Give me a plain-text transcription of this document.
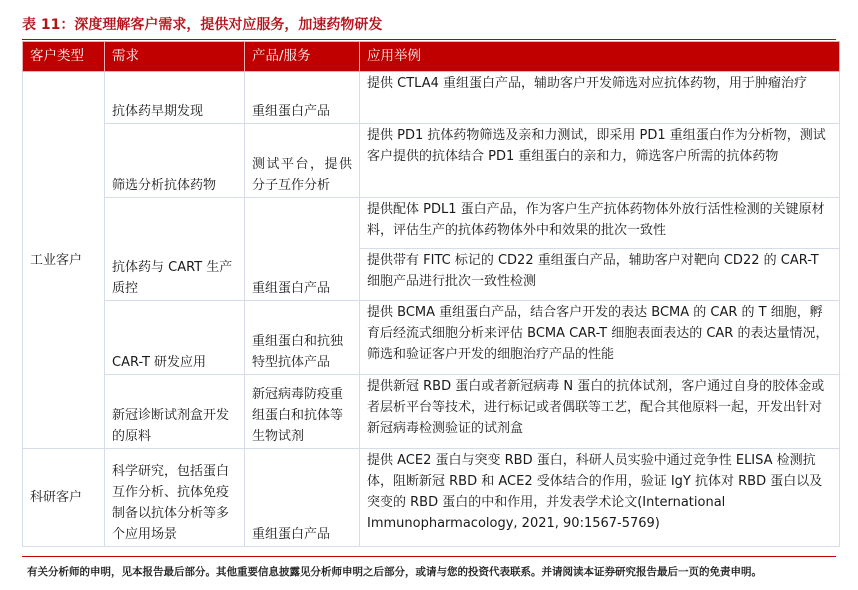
表 11：深度理解客户需求，提供对应服务，加速药物研发
客户类型	需求	产品/服务	应用举例
工业客户	抗体药早期发现	重组蛋白产品	提供 CTLA4 重组蛋白产品，辅助客户开发筛选对应抗体药物，用于肿瘤治疗
	筛选分析抗体药物	测试平台，提供分子互作分析	提供 PD1 抗体药物筛选及亲和力测试，即采用 PD1 重组蛋白作为分析物，测试客户提供的抗体结合 PD1 重组蛋白的亲和力，筛选客户所需的抗体药物
	抗体药与 CART 生产质控	重组蛋白产品	提供配体 PDL1 蛋白产品，作为客户生产抗体药物体外放行活性检测的关键原材料，评估生产的抗体药物体外中和效果的批次一致性
			提供带有 FITC 标记的 CD22 重组蛋白产品，辅助客户对靶向 CD22 的 CAR-T 细胞产品进行批次一致性检测
	CAR-T 研发应用	重组蛋白和抗独特型抗体产品	提供 BCMA 重组蛋白产品，结合客户开发的表达 BCMA 的 CAR 的 T 细胞，孵育后经流式细胞分析来评估 BCMA CAR-T 细胞表面表达的 CAR 的表达量情况，筛选和验证客户开发的细胞治疗产品的性能
	新冠诊断试剂盒开发的原料	新冠病毒防疫重组蛋白和抗体等生物试剂	提供新冠 RBD 蛋白或者新冠病毒 N 蛋白的抗体试剂，客户通过自身的胶体金或者层析平台等技术，进行标记或者偶联等工艺，配合其他原料一起，开发出针对新冠病毒检测验证的试剂盒
科研客户	科学研究，包括蛋白互作分析、抗体免疫制备以抗体分析等多个应用场景	重组蛋白产品	提供 ACE2 蛋白与突变 RBD 蛋白，科研人员实验中通过竞争性 ELISA 检测抗体，阻断新冠 RBD 和 ACE2 受体结合的作用，验证 IgY 抗体对 RBD 蛋白以及突变的 RBD 蛋白的中和作用，并发表学术论文(International Immunopharmacology, 2021, 90:1567-5769)
有关分析师的申明，见本报告最后部分。其他重要信息披露见分析师申明之后部分，或请与您的投资代表联系。并请阅读本证券研究报告最后一页的免责申明。
